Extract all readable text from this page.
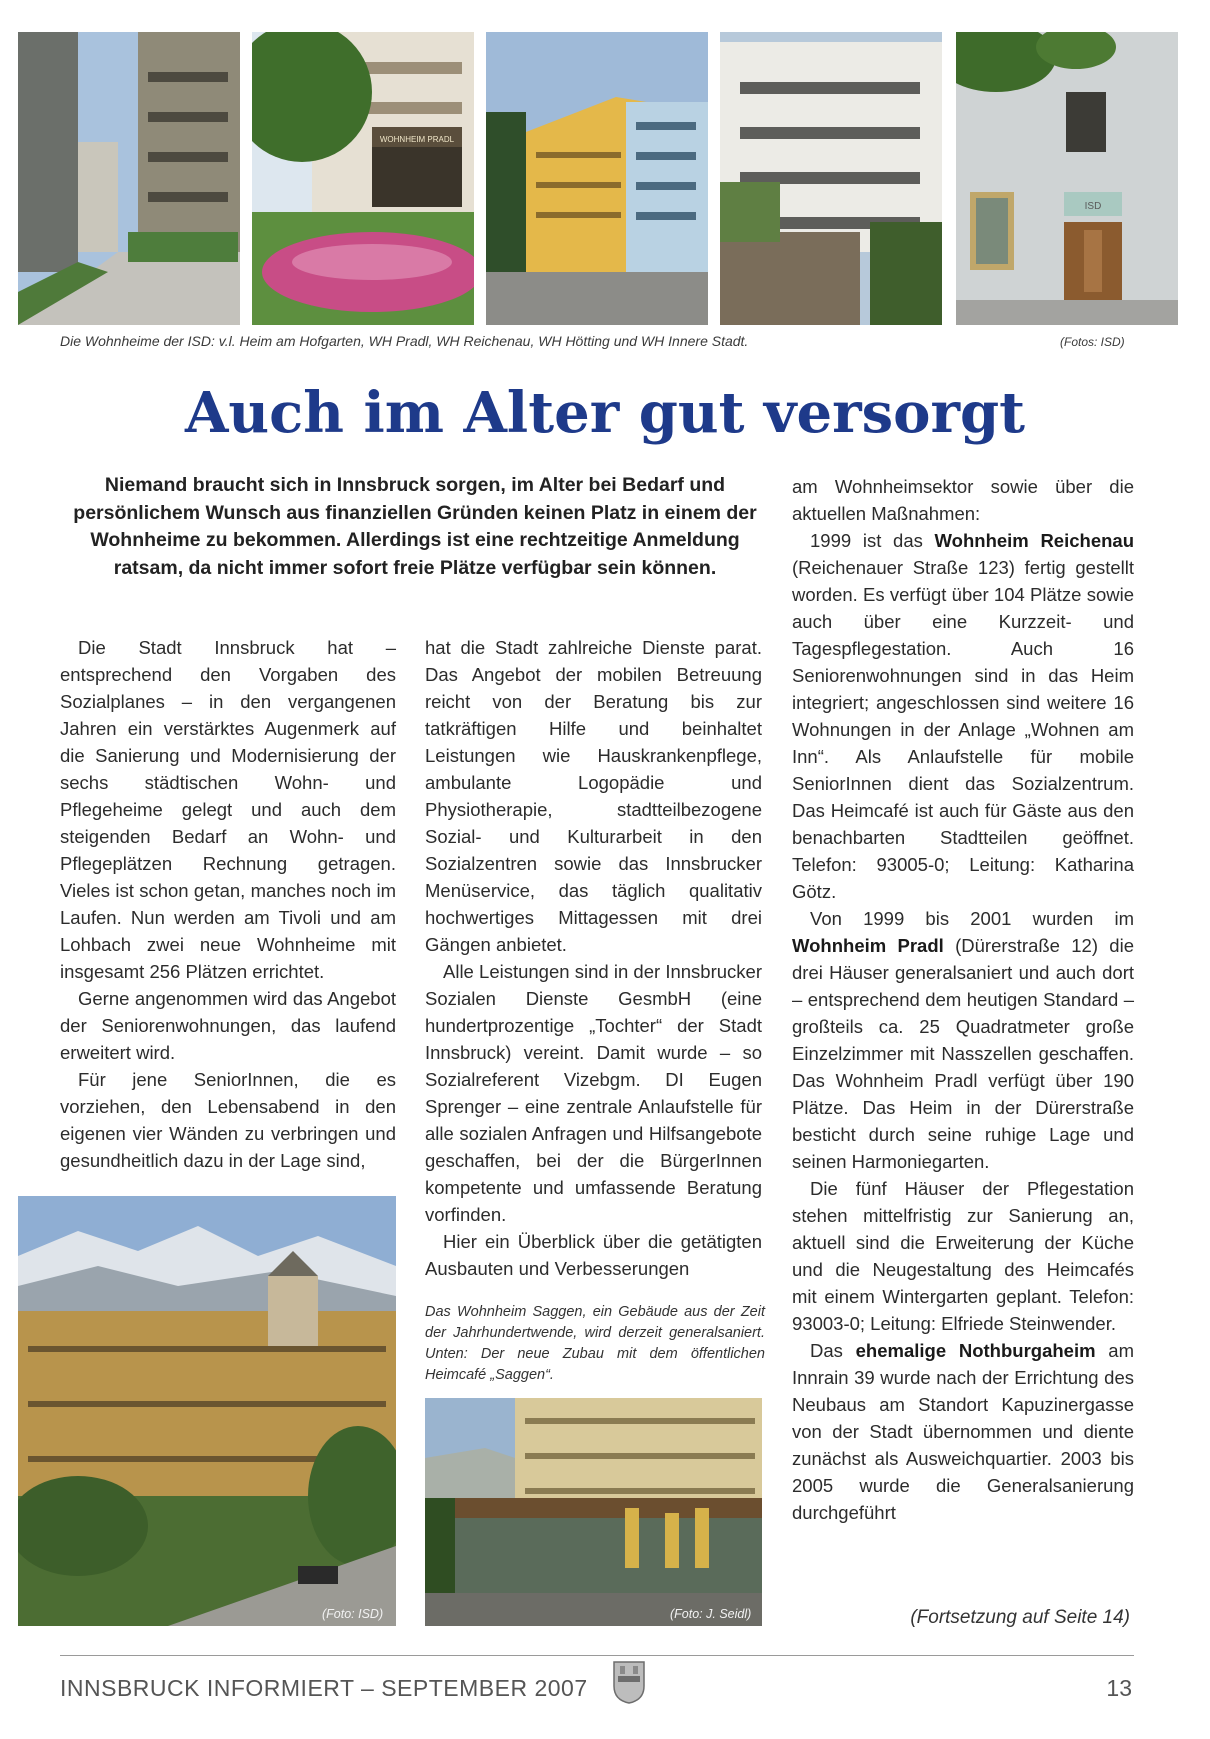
WOHNHEIM PRADL
ISD
Die Wohnheime der ISD: v.l. Heim am Hofgarten, WH Pradl, WH Reichenau, WH Hötting und WH Innere Stadt.	(Fotos: ISD)
Auch im Alter gut versorgt
Niemand braucht sich in Innsbruck sorgen, im Alter bei Bedarf und persönlichem Wunsch aus finanziellen Gründen keinen Platz in einem der Wohnheime zu bekommen. Allerdings ist eine rechtzeitige Anmeldung ratsam, da nicht immer sofort freie Plätze verfügbar sein können.

Die Stadt Innsbruck hat – entsprechend den Vorgaben des Sozialplanes – in den vergangenen Jahren ein verstärktes Augenmerk auf die Sanierung und Modernisierung der sechs städtischen Wohn- und Pflegeheime gelegt und auch dem steigenden Bedarf an Wohn- und Pflegeplätzen Rechnung getragen. Vieles ist schon getan, manches noch im Laufen. Nun werden am Tivoli und am Lohbach zwei neue Wohnheime mit insgesamt 256 Plätzen errichtet.

Gerne angenommen wird das Angebot der Seniorenwohnungen, das laufend erweitert wird.

Für jene SeniorInnen, die es vorziehen, den Lebensabend in den eigenen vier Wänden zu verbringen und gesundheitlich dazu in der Lage sind,

(Foto: ISD)

hat die Stadt zahlreiche Dienste parat. Das Angebot der mobilen Betreuung reicht von der Beratung bis zur tatkräftigen Hilfe und beinhaltet Leistungen wie Hauskrankenpflege, ambulante Logopädie und Physiotherapie, stadtteilbezogene Sozial- und Kulturarbeit in den Sozialzentren sowie das Innsbrucker Menüservice, das täglich qualitativ hochwertiges Mittagessen mit drei Gängen anbietet.

Alle Leistungen sind in der Innsbrucker Sozialen Dienste GesmbH (eine hundertprozentige „Tochter“ der Stadt Innsbruck) vereint. Damit wurde – so Sozialreferent Vizebgm. DI Eugen Sprenger – eine zentrale Anlaufstelle für alle sozialen Anfragen und Hilfsangebote geschaffen, bei der die BürgerInnen kompetente und umfassende Beratung vorfinden.

Hier ein Überblick über die getätigten Ausbauten und Verbesserungen

Das Wohnheim Saggen, ein Gebäude aus der Zeit der Jahrhundertwende, wird derzeit generalsaniert. Unten: Der neue Zubau mit dem öffentlichen Heimcafé „Saggen“.
(Foto: J. Seidl)

am Wohnheimsektor sowie über die aktuellen Maßnahmen:

1999 ist das Wohnheim Reichenau (Reichenauer Straße 123) fertig gestellt worden. Es verfügt über 104 Plätze sowie auch über eine Kurzzeit- und Tagespflegestation. Auch 16 Seniorenwohnungen sind in das Heim integriert; angeschlossen sind weitere 16 Wohnungen in der Anlage „Wohnen am Inn“. Als Anlaufstelle für mobile SeniorInnen dient das Sozialzentrum. Das Heimcafé ist auch für Gäste aus den benachbarten Stadtteilen geöffnet. Telefon: 93005-0; Leitung: Katharina Götz.

Von 1999 bis 2001 wurden im Wohnheim Pradl (Dürerstraße 12) die drei Häuser generalsaniert und auch dort – entsprechend dem heutigen Standard – großteils ca. 25 Quadratmeter große Einzelzimmer mit Nasszellen geschaffen. Das Wohnheim Pradl verfügt über 190 Plätze. Das Heim in der Dürerstraße besticht durch seine ruhige Lage und seinen Harmoniegarten.

Die fünf Häuser der Pflegestation stehen mittelfristig zur Sanierung an, aktuell sind die Erweiterung der Küche und die Neugestaltung des Heimcafés mit einem Wintergarten geplant. Telefon: 93003-0; Leitung: Elfriede Steinwender.

Das ehemalige Nothburgaheim am Innrain 39 wurde nach der Errichtung des Neubaus am Standort Kapuzinergasse von der Stadt übernommen und diente zunächst als Ausweichquartier. 2003 bis 2005 wurde die Generalsanierung durchgeführt

(Fortsetzung auf Seite 14)
INNSBRUCK INFORMIERT – SEPTEMBER 2007	13
